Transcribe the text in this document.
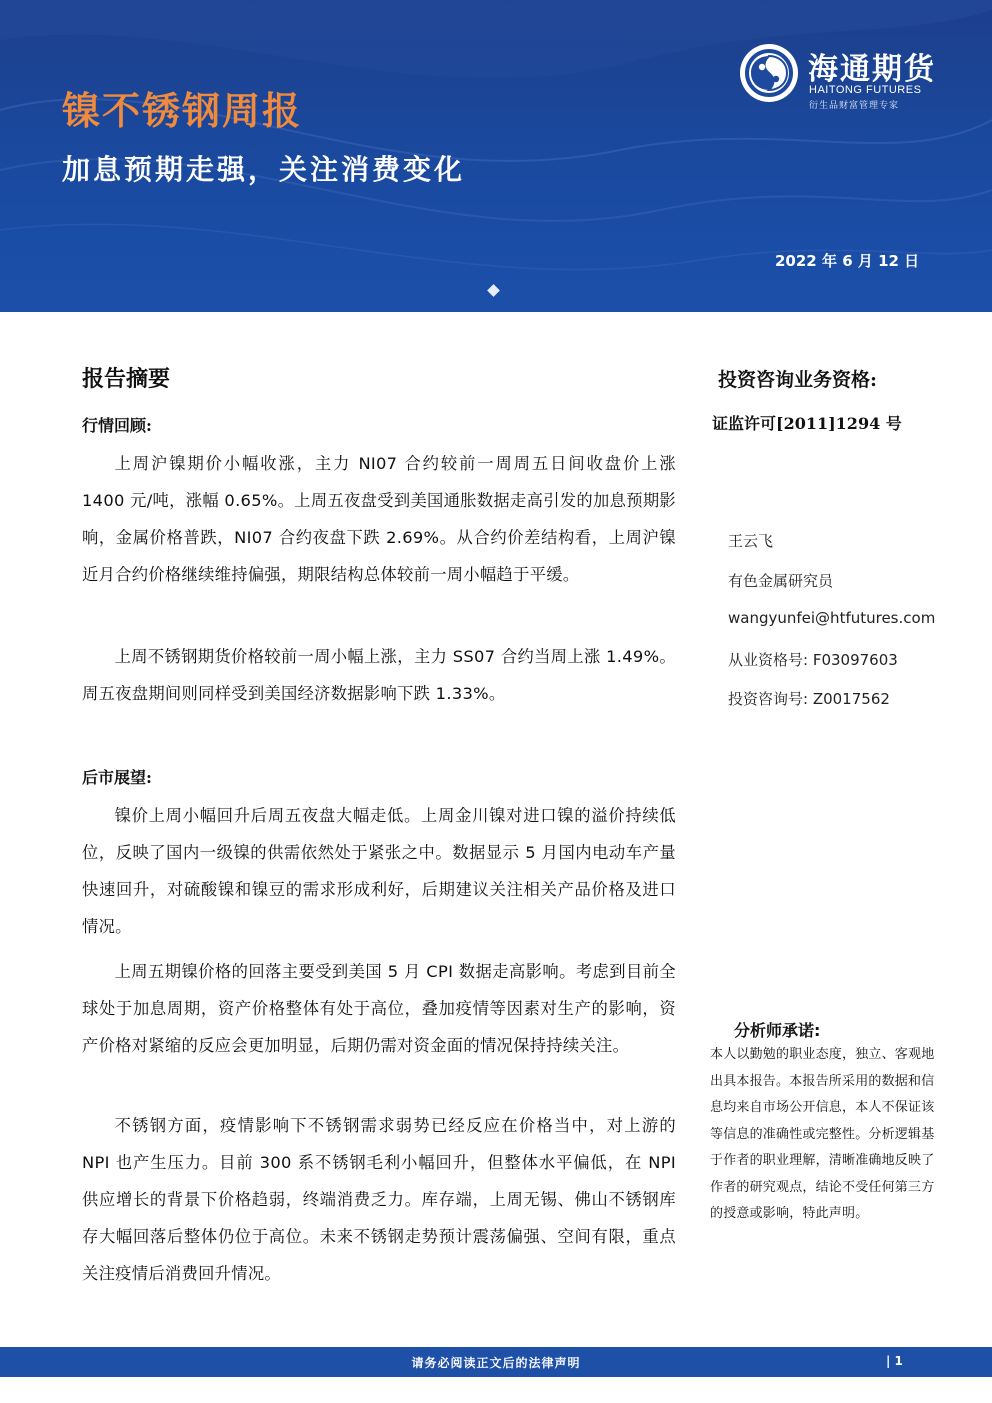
镍不锈钢周报
加息预期走强，关注消费变化
2022 年 6 月 12 日
海通期货
HAITONG FUTURES
衍生品财富管理专家
报告摘要
行情回顾:

上周沪镍期价小幅收涨，主力 NI07 合约较前一周周五日间收盘价上涨 1400 元/吨，涨幅 0.65%。上周五夜盘受到美国通胀数据走高引发的加息预期影响，金属价格普跌，NI07 合约夜盘下跌 2.69%。从合约价差结构看，上周沪镍近月合约价格继续维持偏强，期限结构总体较前一周小幅趋于平缓。

上周不锈钢期货价格较前一周小幅上涨，主力 SS07 合约当周上涨 1.49%。周五夜盘期间则同样受到美国经济数据影响下跌 1.33%。

后市展望:

镍价上周小幅回升后周五夜盘大幅走低。上周金川镍对进口镍的溢价持续低位，反映了国内一级镍的供需依然处于紧张之中。数据显示 5 月国内电动车产量快速回升，对硫酸镍和镍豆的需求形成利好，后期建议关注相关产品价格及进口情况。

上周五期镍价格的回落主要受到美国 5 月 CPI 数据走高影响。考虑到目前全球处于加息周期，资产价格整体有处于高位，叠加疫情等因素对生产的影响，资产价格对紧缩的反应会更加明显，后期仍需对资金面的情况保持持续关注。

不锈钢方面，疫情影响下不锈钢需求弱势已经反应在价格当中，对上游的 NPI 也产生压力。目前 300 系不锈钢毛利小幅回升，但整体水平偏低，在 NPI 供应增长的背景下价格趋弱，终端消费乏力。库存端，上周无锡、佛山不锈钢库存大幅回落后整体仍位于高位。未来不锈钢走势预计震荡偏强、空间有限，重点关注疫情后消费回升情况。

投资咨询业务资格:
证监许可[2011]1294 号
王云飞
有色金属研究员
wangyunfei@htfutures.com
从业资格号: F03097603
投资咨询号: Z0017562
分析师承诺:

本人以勤勉的职业态度，独立、客观地出具本报告。本报告所采用的数据和信息均来自市场公开信息，本人不保证该等信息的准确性或完整性。分析逻辑基于作者的职业理解，清晰准确地反映了作者的研究观点，结论不受任何第三方的授意或影响，特此声明。

请务必阅读正文后的法律声明	| 1
